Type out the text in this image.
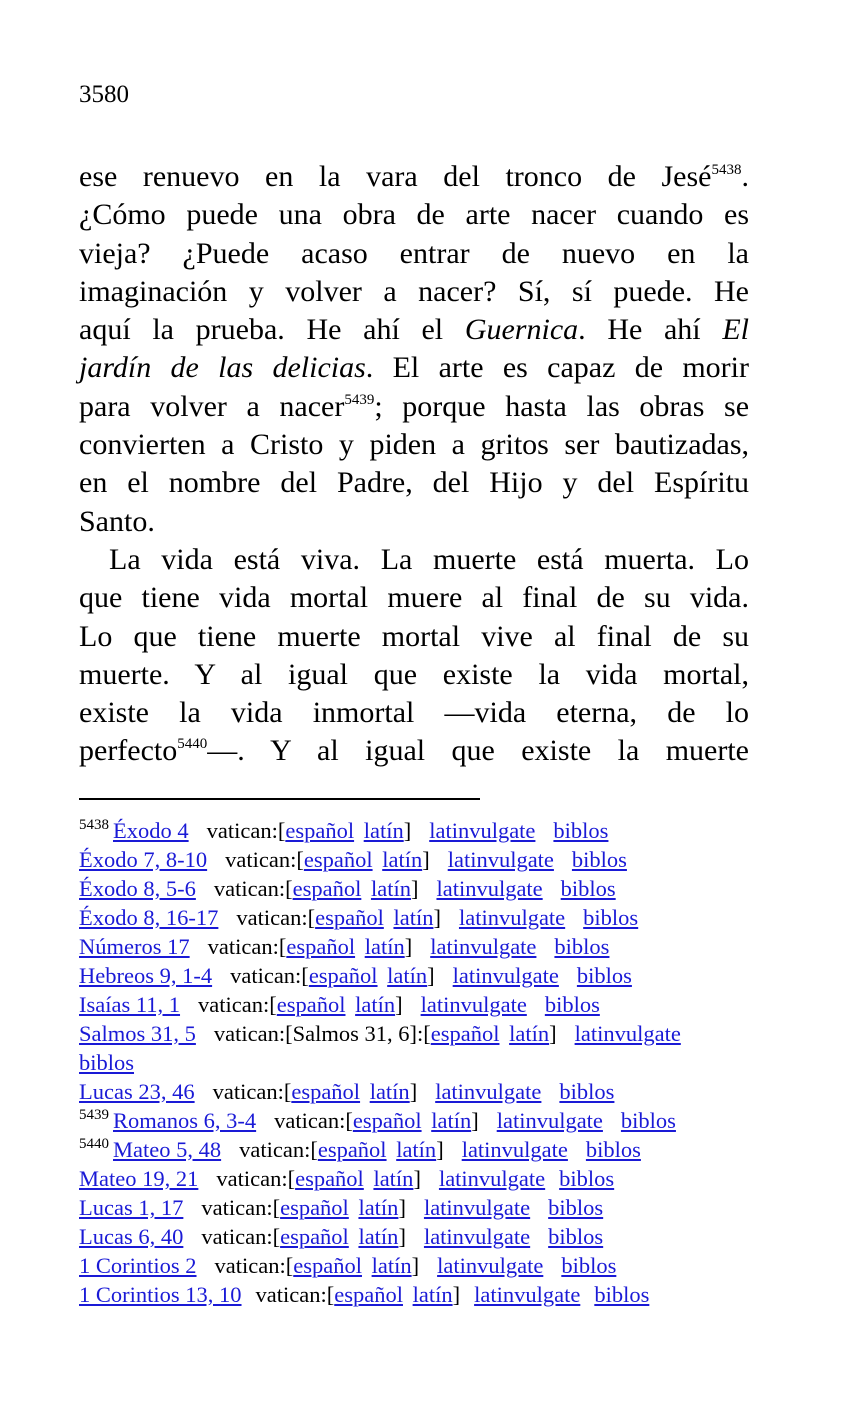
3580
ese renuevo en la vara del tronco de Jesé$^{5438}$.
¿Cómo puede una obra de arte nacer cuando es
vieja? ¿Puede acaso entrar de nuevo en la
imaginación y volver a nacer? Sí, sí puede. He
aquí la prueba. He ahí el Guernica. He ahí El
jardín de las delicias. El arte es capaz de morir
para volver a nacer$^{5439}$; porque hasta las obras se
convierten a Cristo y piden a gritos ser bautizadas,
en el nombre del Padre, del Hijo y del Espíritu
Santo.
La vida está viva. La muerte está muerta. Lo
que tiene vida mortal muere al final de su vida.
Lo que tiene muerte mortal vive al final de su
muerte. Y al igual que existe la vida mortal,
existe la vida inmortal —vida eterna, de lo
perfecto$^{5440}$—. Y al igual que existe la muerte
$^{5438}$ Éxodo 4 vatican:[español latín] latinvulgate biblos
Éxodo 7, 8-10 vatican:[español latín] latinvulgate biblos
Éxodo 8, 5-6 vatican:[español latín] latinvulgate biblos
Éxodo 8, 16-17 vatican:[español latín] latinvulgate biblos
Números 17 vatican:[español latín] latinvulgate biblos
Hebreos 9, 1-4 vatican:[español latín] latinvulgate biblos
Isaías 11, 1 vatican:[español latín] latinvulgate biblos
Salmos 31, 5 vatican:[Salmos 31, 6]:[español latín] latinvulgate
biblos
Lucas 23, 46 vatican:[español latín] latinvulgate biblos
$^{5439}$ Romanos 6, 3-4 vatican:[español latín] latinvulgate biblos
$^{5440}$ Mateo 5, 48 vatican:[español latín] latinvulgate biblos
Mateo 19, 21 vatican:[español latín] latinvulgate biblos
Lucas 1, 17 vatican:[español latín] latinvulgate biblos
Lucas 6, 40 vatican:[español latín] latinvulgate biblos
1 Corintios 2 vatican:[español latín] latinvulgate biblos
1 Corintios 13, 10 vatican:[español latín] latinvulgate biblos
